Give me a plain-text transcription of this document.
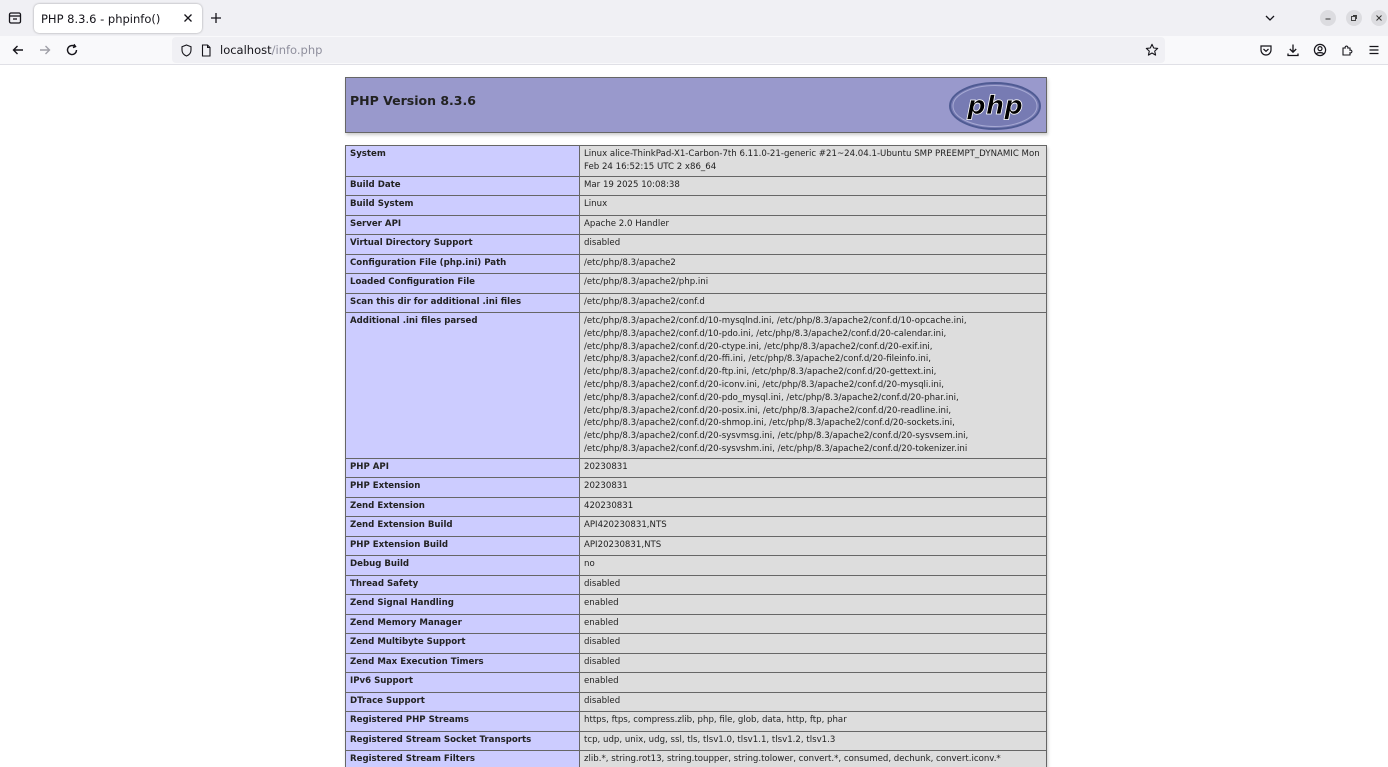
PHP 8.3.6 - phpinfo()
localhost/info.php
PHP Version 8.3.6	php
System	Linux alice-ThinkPad-X1-Carbon-7th 6.11.0-21-generic #21~24.04.1-Ubuntu SMP PREEMPT_DYNAMIC Mon Feb 24 16:52:15 UTC 2 x86_64
Build Date	Mar 19 2025 10:08:38
Build System	Linux
Server API	Apache 2.0 Handler
Virtual Directory Support	disabled
Configuration File (php.ini) Path	/etc/php/8.3/apache2
Loaded Configuration File	/etc/php/8.3/apache2/php.ini
Scan this dir for additional .ini files	/etc/php/8.3/apache2/conf.d
Additional .ini files parsed	/etc/php/8.3/apache2/conf.d/10-mysqlnd.ini, /etc/php/8.3/apache2/conf.d/10-opcache.ini, /etc/php/8.3/apache2/conf.d/10-pdo.ini, /etc/php/8.3/apache2/conf.d/20-calendar.ini, /etc/php/8.3/apache2/conf.d/20-ctype.ini, /etc/php/8.3/apache2/conf.d/20-exif.ini, /etc/php/8.3/apache2/conf.d/20-ffi.ini, /etc/php/8.3/apache2/conf.d/20-fileinfo.ini, /etc/php/8.3/apache2/conf.d/20-ftp.ini, /etc/php/8.3/apache2/conf.d/20-gettext.ini, /etc/php/8.3/apache2/conf.d/20-iconv.ini, /etc/php/8.3/apache2/conf.d/20-mysqli.ini, /etc/php/8.3/apache2/conf.d/20-pdo_mysql.ini, /etc/php/8.3/apache2/conf.d/20-phar.ini, /etc/php/8.3/apache2/conf.d/20-posix.ini, /etc/php/8.3/apache2/conf.d/20-readline.ini, /etc/php/8.3/apache2/conf.d/20-shmop.ini, /etc/php/8.3/apache2/conf.d/20-sockets.ini, /etc/php/8.3/apache2/conf.d/20-sysvmsg.ini, /etc/php/8.3/apache2/conf.d/20-sysvsem.ini, /etc/php/8.3/apache2/conf.d/20-sysvshm.ini, /etc/php/8.3/apache2/conf.d/20-tokenizer.ini
PHP API	20230831
PHP Extension	20230831
Zend Extension	420230831
Zend Extension Build	API420230831,NTS
PHP Extension Build	API20230831,NTS
Debug Build	no
Thread Safety	disabled
Zend Signal Handling	enabled
Zend Memory Manager	enabled
Zend Multibyte Support	disabled
Zend Max Execution Timers	disabled
IPv6 Support	enabled
DTrace Support	disabled
Registered PHP Streams	https, ftps, compress.zlib, php, file, glob, data, http, ftp, phar
Registered Stream Socket Transports	tcp, udp, unix, udg, ssl, tls, tlsv1.0, tlsv1.1, tlsv1.2, tlsv1.3
Registered Stream Filters	zlib.*, string.rot13, string.toupper, string.tolower, convert.*, consumed, dechunk, convert.iconv.*
